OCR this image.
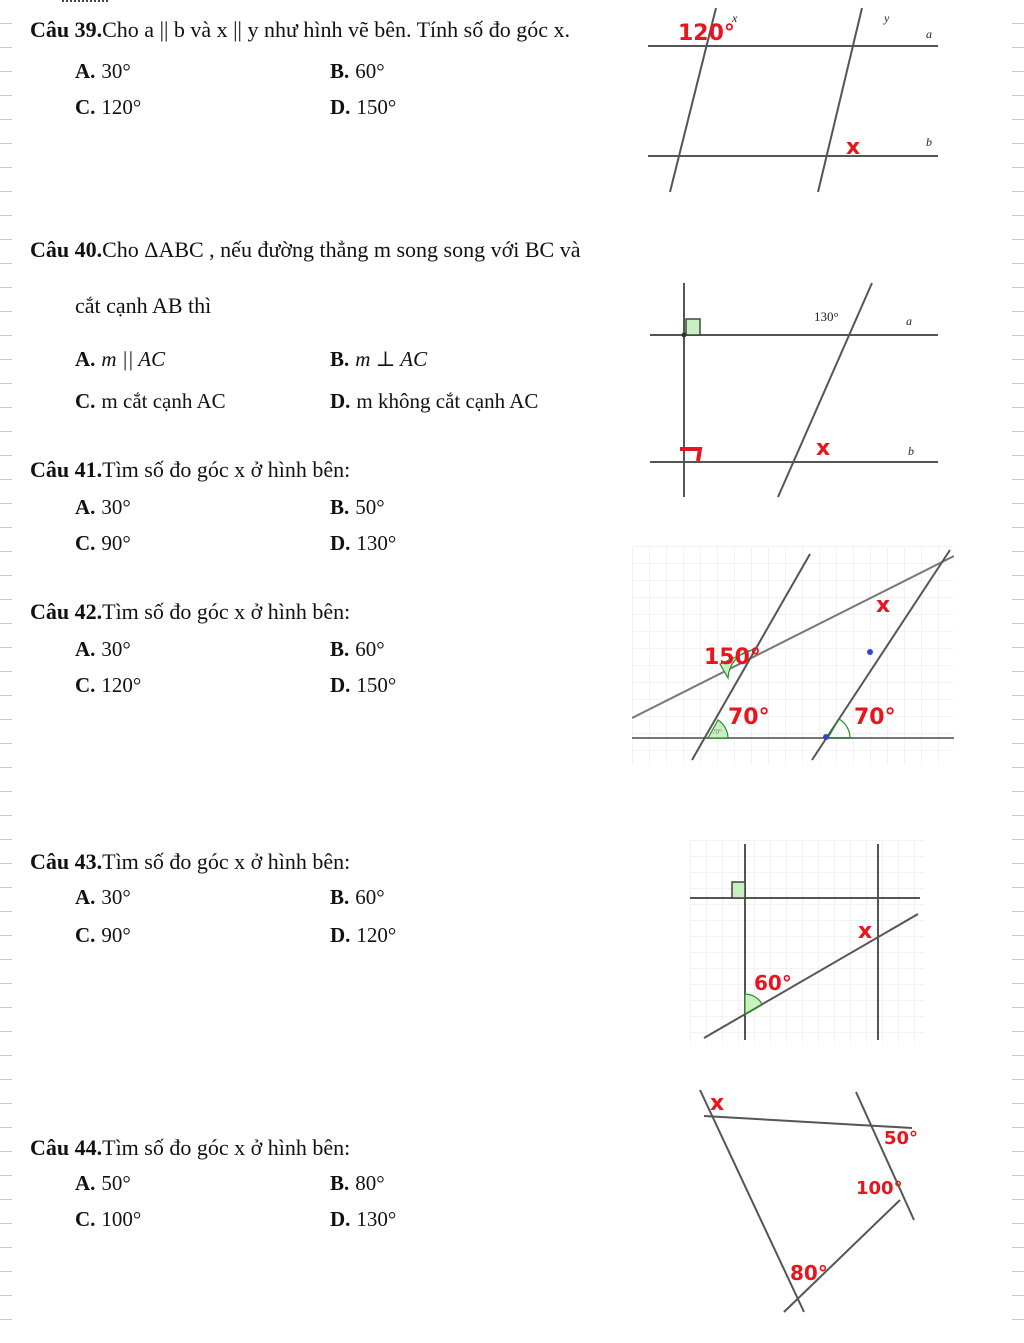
Câu 39.Cho a || b và x || y như hình vẽ bên. Tính số đo góc x.
A. 30°	B. 60°
C. 120°	D. 150°
120°
x
x	y
a
b
Câu 40.Cho ΔABC , nếu đường thẳng m song song với BC và
cắt cạnh AB thì
A. m || AC	B. m ⊥ AC
C. m cắt cạnh AC	D. m không cắt cạnh AC
Câu 41.Tìm số đo góc x ở hình bên:
A. 30°	B. 50°
C. 90°	D. 130°
130°	a
b
x
Câu 42.Tìm số đo góc x ở hình bên:
A. 30°	B. 60°
C. 120°	D. 150°
70°
150°
70°	70°
x
Câu 43.Tìm số đo góc x ở hình bên:
A. 30°	B. 60°
C. 90°	D. 120°
60°
x
Câu 44.Tìm số đo góc x ở hình bên:
A. 50°	B. 80°
C. 100°	D. 130°
x
50°
100°
80°
